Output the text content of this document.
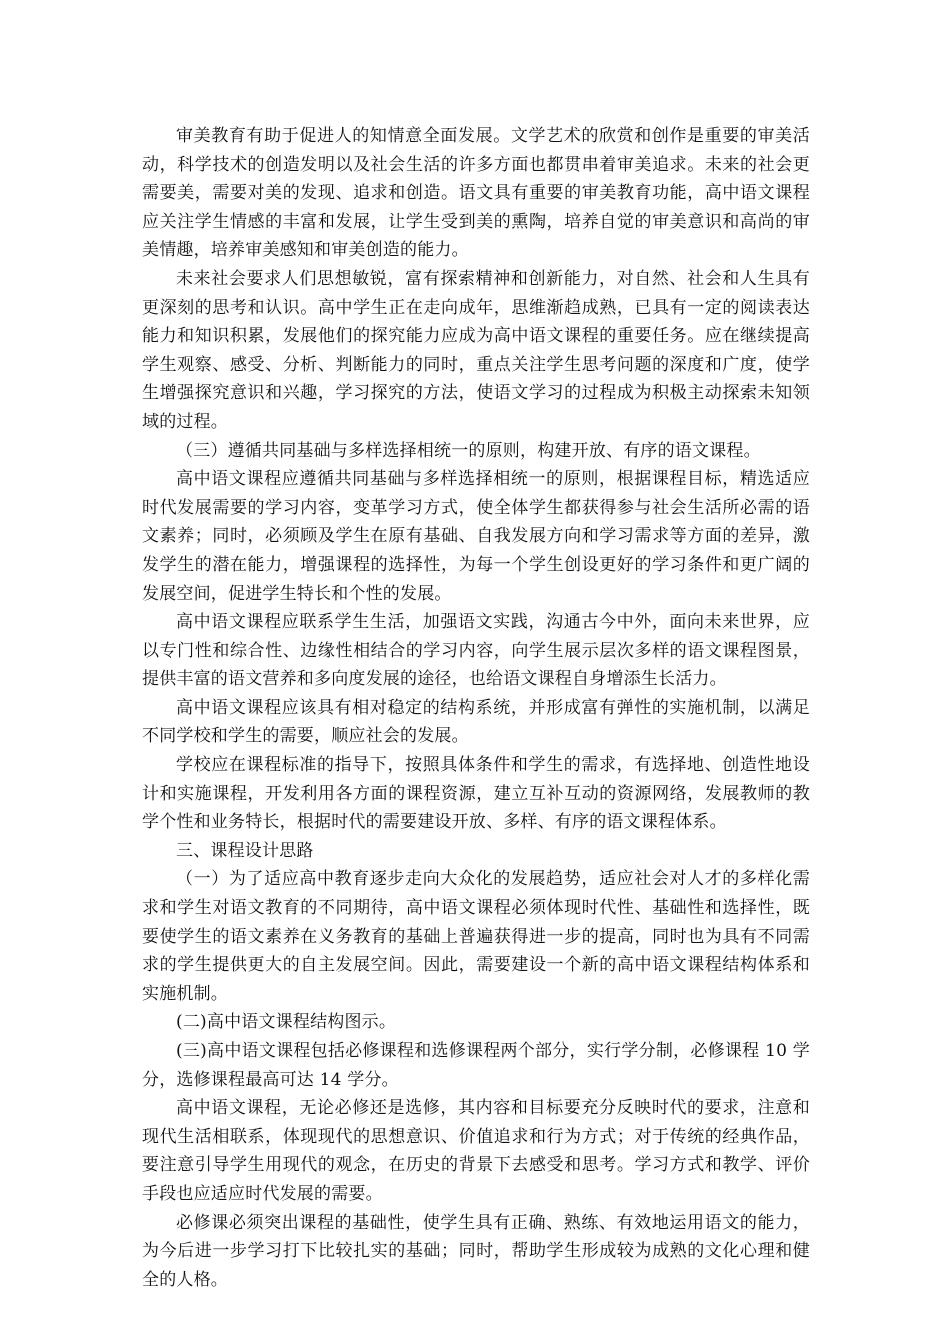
审美教育有助于促进人的知情意全面发展。文学艺术的欣赏和创作是重要的审美活动，科学技术的创造发明以及社会生活的许多方面也都贯串着审美追求。未来的社会更需要美，需要对美的发现、追求和创造。语文具有重要的审美教育功能，高中语文课程应关注学生情感的丰富和发展，让学生受到美的熏陶，培养自觉的审美意识和高尚的审美情趣，培养审美感知和审美创造的能力。

未来社会要求人们思想敏锐，富有探索精神和创新能力，对自然、社会和人生具有更深刻的思考和认识。高中学生正在走向成年，思维渐趋成熟，已具有一定的阅读表达能力和知识积累，发展他们的探究能力应成为高中语文课程的重要任务。应在继续提高学生观察、感受、分析、判断能力的同时，重点关注学生思考问题的深度和广度，使学生增强探究意识和兴趣，学习探究的方法，使语文学习的过程成为积极主动探索未知领域的过程。

（三）遵循共同基础与多样选择相统一的原则，构建开放、有序的语文课程。

高中语文课程应遵循共同基础与多样选择相统一的原则，根据课程目标，精选适应时代发展需要的学习内容，变革学习方式，使全体学生都获得参与社会生活所必需的语文素养；同时，必须顾及学生在原有基础、自我发展方向和学习需求等方面的差异，激发学生的潜在能力，增强课程的选择性，为每一个学生创设更好的学习条件和更广阔的发展空间，促进学生特长和个性的发展。

高中语文课程应联系学生生活，加强语文实践，沟通古今中外，面向未来世界，应以专门性和综合性、边缘性相结合的学习内容，向学生展示层次多样的语文课程图景，提供丰富的语文营养和多向度发展的途径，也给语文课程自身增添生长活力。

高中语文课程应该具有相对稳定的结构系统，并形成富有弹性的实施机制，以满足不同学校和学生的需要，顺应社会的发展。

学校应在课程标准的指导下，按照具体条件和学生的需求，有选择地、创造性地设计和实施课程，开发利用各方面的课程资源，建立互补互动的资源网络，发展教师的教学个性和业务特长，根据时代的需要建设开放、多样、有序的语文课程体系。

三、课程设计思路

（一）为了适应高中教育逐步走向大众化的发展趋势，适应社会对人才的多样化需求和学生对语文教育的不同期待，高中语文课程必须体现时代性、基础性和选择性，既要使学生的语文素养在义务教育的基础上普遍获得进一步的提高，同时也为具有不同需求的学生提供更大的自主发展空间。因此，需要建设一个新的高中语文课程结构体系和实施机制。

(二)高中语文课程结构图示。

(三)高中语文课程包括必修课程和选修课程两个部分，实行学分制，必修课程 10 学分，选修课程最高可达 14 学分。

高中语文课程，无论必修还是选修，其内容和目标要充分反映时代的要求，注意和现代生活相联系，体现现代的思想意识、价值追求和行为方式；对于传统的经典作品，要注意引导学生用现代的观念，在历史的背景下去感受和思考。学习方式和教学、评价手段也应适应时代发展的需要。

必修课必须突出课程的基础性，使学生具有正确、熟练、有效地运用语文的能力，为今后进一步学习打下比较扎实的基础；同时，帮助学生形成较为成熟的文化心理和健全的人格。
